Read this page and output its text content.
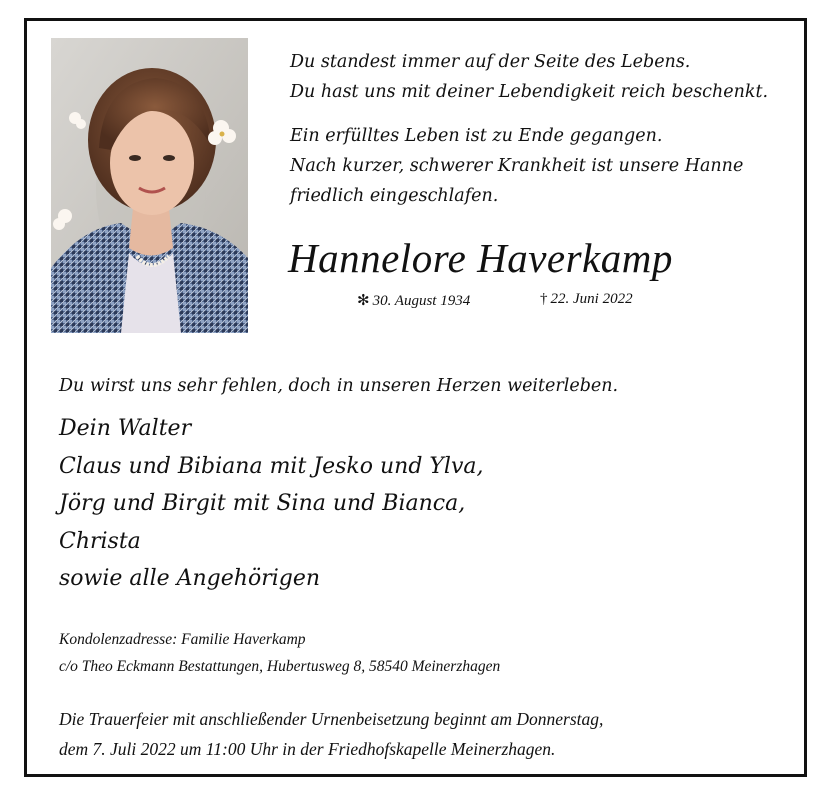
Du standest immer auf der Seite des Lebens.
Du hast uns mit deiner Lebendigkeit reich beschenkt.
Ein erfülltes Leben ist zu Ende gegangen.
Nach kurzer, schwerer Krankheit ist unsere Hanne
friedlich eingeschlafen.
Hannelore Haverkamp
✻ 30. August 1934	† 22. Juni 2022
Du wirst uns sehr fehlen, doch in unseren Herzen weiterleben.
Dein Walter
Claus und Bibiana mit Jesko und Ylva,
Jörg und Birgit mit Sina und Bianca,
Christa
sowie alle Angehörigen
Kondolenzadresse: Familie Haverkamp
c/o Theo Eckmann Bestattungen, Hubertusweg 8, 58540 Meinerzhagen
Die Trauerfeier mit anschließender Urnenbeisetzung beginnt am Donnerstag,
dem 7. Juli 2022 um 11:00 Uhr in der Friedhofskapelle Meinerzhagen.
